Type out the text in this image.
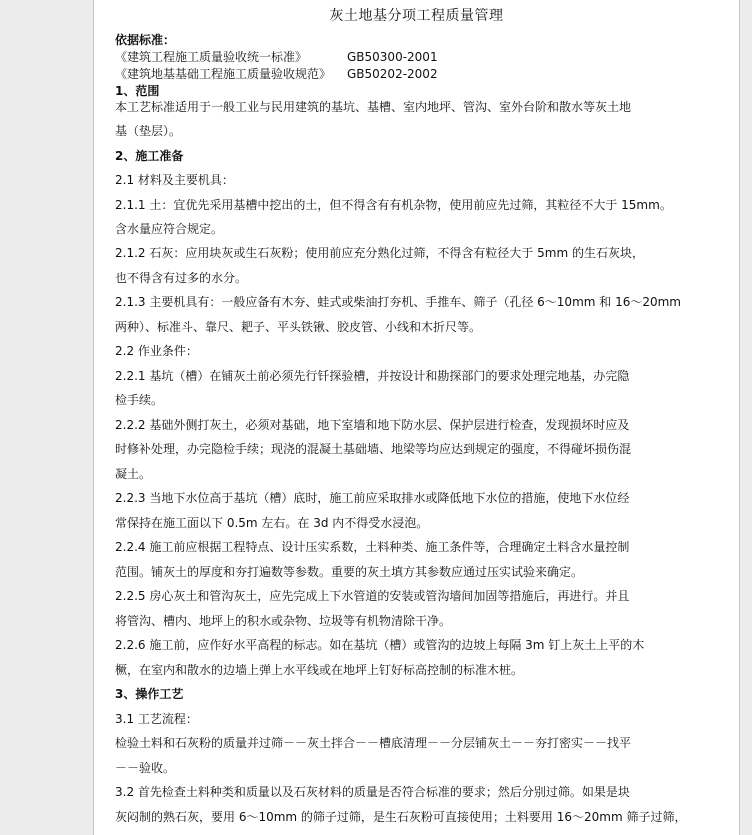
灰土地基分项工程质量管理
依据标准：
《建筑工程施工质量验收统一标准》	GB50300-2001
《建筑地基基础工程施工质量验收规范》 GB50202-2002
1、范围
本工艺标准适用于一般工业与民用建筑的基坑、基槽、室内地坪、管沟、室外台阶和散水等灰土地
基（垫层）。
2、施工准备
2.1 材料及主要机具：
2.1.1 土：宜优先采用基槽中挖出的土，但不得含有有机杂物，使用前应先过筛，其粒径不大于 15mm。
含水量应符合规定。
2.1.2 石灰：应用块灰或生石灰粉；使用前应充分熟化过筛，不得含有粒径大于 5mm 的生石灰块，
也不得含有过多的水分。
2.1.3 主要机具有：一般应备有木夯、蛙式或柴油打夯机、手推车、筛子（孔径 6～10mm 和 16～20mm
两种）、标准斗、靠尺、耙子、平头铁锹、胶皮管、小线和木折尺等。
2.2 作业条件：
2.2.1 基坑（槽）在铺灰土前必须先行钎探验槽，并按设计和勘探部门的要求处理完地基，办完隐
检手续。
2.2.2 基础外侧打灰土，必须对基础，地下室墙和地下防水层、保护层进行检查，发现损坏时应及
时修补处理，办完隐检手续；现浇的混凝土基础墙、地梁等均应达到规定的强度，不得碰坏损伤混
凝土。
2.2.3 当地下水位高于基坑（槽）底时，施工前应采取排水或降低地下水位的措施，使地下水位经
常保持在施工面以下 0.5m 左右。在 3d 内不得受水浸泡。
2.2.4 施工前应根据工程特点、设计压实系数，土料种类、施工条件等，合理确定土料含水量控制
范围。铺灰土的厚度和夯打遍数等参数。重要的灰土填方其参数应通过压实试验来确定。
2.2.5 房心灰土和管沟灰土，应先完成上下水管道的安装或管沟墙间加固等措施后，再进行。并且
将管沟、槽内、地坪上的积水或杂物、垃圾等有机物清除干净。
2.2.6 施工前，应作好水平高程的标志。如在基坑（槽）或管沟的边坡上每隔 3m 钉上灰土上平的木
橛，在室内和散水的边墙上弹上水平线或在地坪上钉好标高控制的标准木桩。
3、操作工艺
3.1 工艺流程：
检验土料和石灰粉的质量并过筛－－灰土拌合－－槽底清理－－分层铺灰土－－夯打密实－－找平
－－验收。
3.2 首先检查土料种类和质量以及石灰材料的质量是否符合标准的要求；然后分别过筛。如果是块
灰闷制的熟石灰，要用 6～10mm 的筛子过筛，是生石灰粉可直接使用；土料要用 16～20mm 筛子过筛，
